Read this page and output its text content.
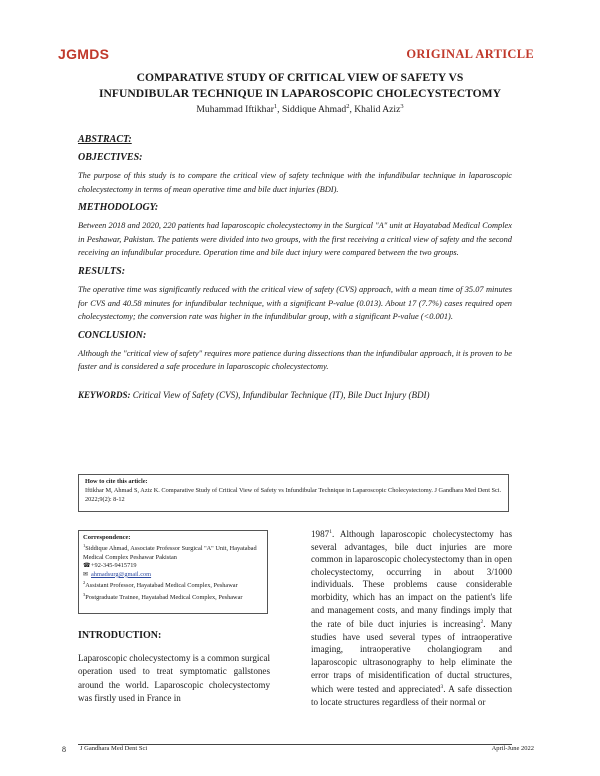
JGMDS	ORIGINAL ARTICLE
COMPARATIVE STUDY OF CRITICAL VIEW OF SAFETY VS
INFUNDIBULAR TECHNIQUE IN LAPAROSCOPIC CHOLECYSTECTOMY
Muhammad Iftikhar$^1$, Siddique Ahmad$^2$, Khalid Aziz$^3$

ABSTRACT:

OBJECTIVES:

The purpose of this study is to compare the critical view of safety technique with the infundibular technique in laparoscopic cholecystectomy in terms of mean operative time and bile duct injuries (BDI).

METHODOLOGY:

Between 2018 and 2020, 220 patients had laparoscopic cholecystectomy in the Surgical "A" unit at Hayatabad Medical Complex in Peshawar, Pakistan. The patients were divided into two groups, with the first receiving a critical view of safety and the second receiving an infundibular procedure. Operation time and bile duct injury were compared between the two groups.

RESULTS:

The operative time was significantly reduced with the critical view of safety (CVS) approach, with a mean time of 35.07 minutes for CVS and 40.58 minutes for infundibular technique, with a significant P-value (0.013). About 17 (7.7%) cases required open cholecystectomy; the conversion rate was higher in the infundibular group, with a significant P-value (<0.001).

CONCLUSION:

Although the "critical view of safety" requires more patience during dissections than the infundibular approach, it is proven to be faster and is considered a safe procedure in laparoscopic cholecystectomy.

KEYWORDS: Critical View of Safety (CVS), Infundibular Technique (IT), Bile Duct Injury (BDI)

How to cite this article:
Iftikhar M, Ahmad S, Aziz K. Comparative Study of Critical View of Safety vs Infundibular Technique in Laparoscopic Cholecystectomy. J Gandhara Med Dent Sci. 2022;9(2): 8-12
Correspondence:
$^1$Siddique Ahmad, Associate Professor Surgical "A" Unit, Hayatabad Medical Complex Peshawar Pakistan
☎+92-345-9415719
✉ ahmadsurg@gmail.com
$^2$Assistant Professor, Hayatabad Medical Complex, Peshawar
$^3$Postgraduate Trainee, Hayatabad Medical Complex, Peshawar
INTRODUCTION:
Laparoscopic cholecystectomy is a common surgical operation used to treat symptomatic gallstones around the world. Laparoscopic cholecystectomy was firstly used in France in
1987$^1$. Although laparoscopic cholecystectomy has several advantages, bile duct injuries are more common in laparoscopic cholecystectomy than in open cholecystectomy, occurring in about 3/1000 individuals. These problems cause considerable morbidity, which has an impact on the patient's life and management costs, and many findings imply that the rate of bile duct injuries is increasing$^2$. Many studies have used several types of intraoperative imaging, intraoperative cholangiogram and laparoscopic ultrasonography to help eliminate the error traps of misidentification of ductal structures, which were tested and appreciated$^3$. A safe dissection to locate structures regardless of their normal or
8 J Gandhara Med Dent Sci	April-June 2022
